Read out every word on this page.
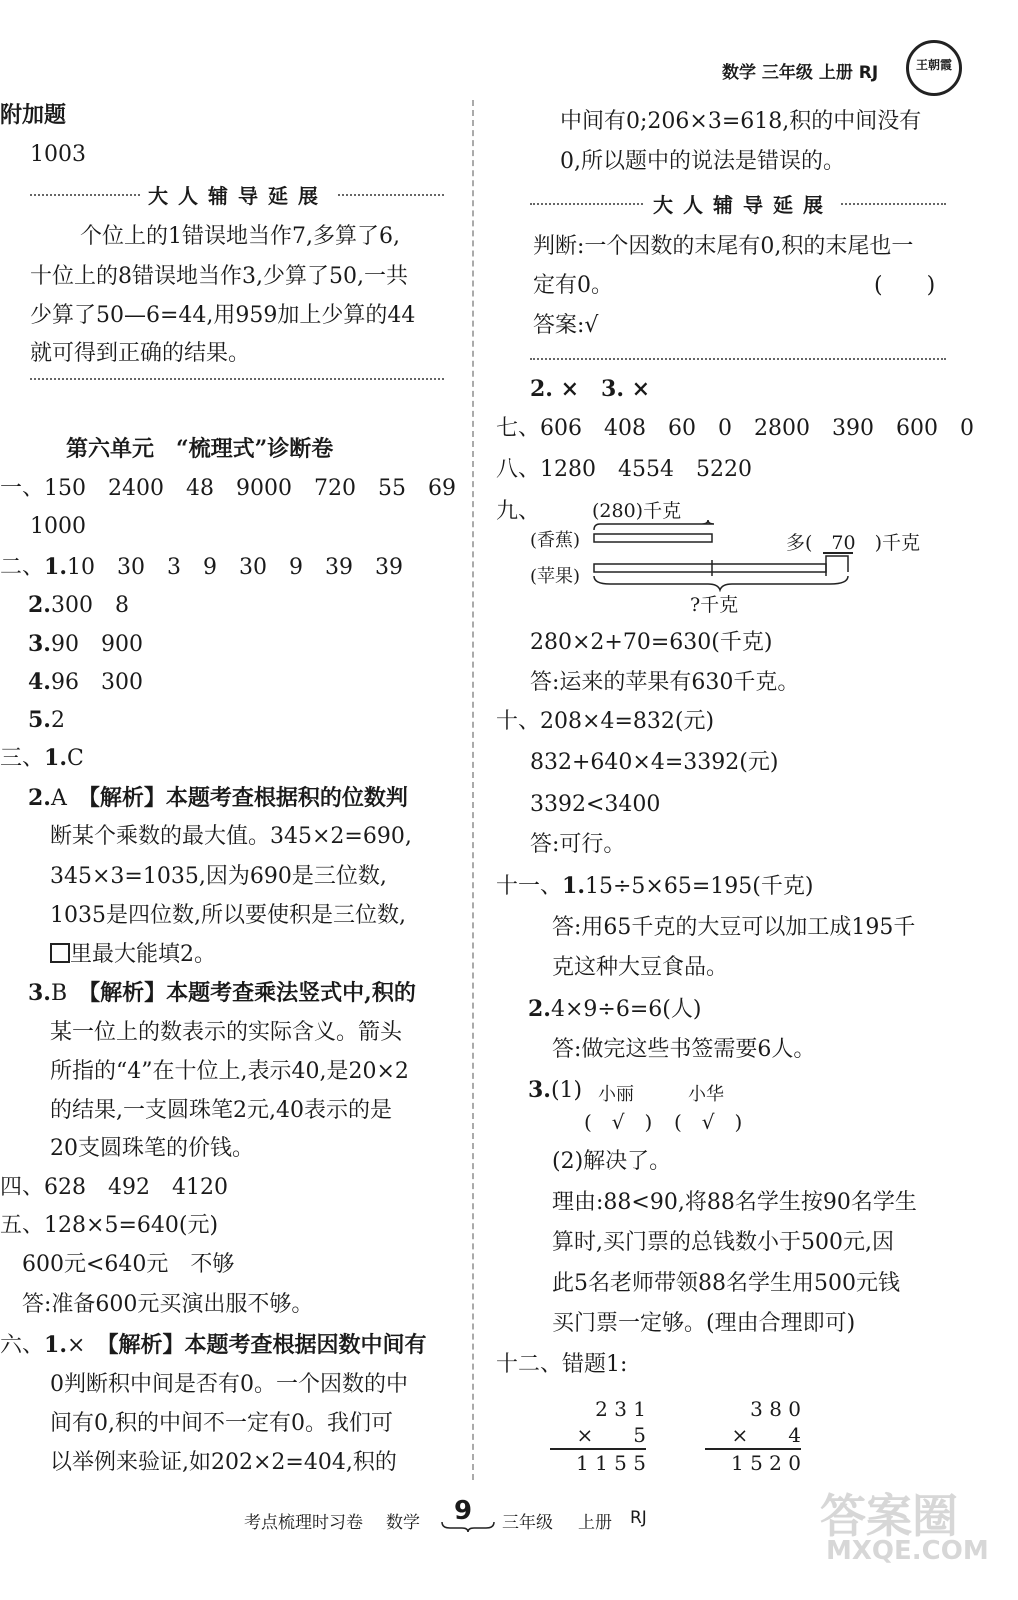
数学 三年级 上册 RJ	王朝霞
附加题
1003
大人辅导延展
个位上的1错误地当作7,多算了6,
十位上的8错误地当作3,少算了50,一共
少算了50—6=44,用959加上少算的44
就可得到正确的结果。
第六单元　“梳理式”诊断卷
一、150　2400　48　9000　720　55　69
1000
二、1.10　30　3　9　30　9　39　39
2.300　8
3.90　900
4.96　300
5.2
三、1.C
2.A　 【解析】本题考查根据积的位数判
断某个乘数的最大值。345×2=690,
345×3=1035,因为690是三位数,
1035是四位数,所以要使积是三位数,
里最大能填2。
3.B　 【解析】本题考查乘法竖式中,积的
某一位上的数表示的实际含义。箭头
所指的“4”在十位上,表示40,是20×2
的结果,一支圆珠笔2元,40表示的是
20支圆珠笔的价钱。
四、628　492　4120
五、128×5=640(元)
600元<640元　不够
答:准备600元买演出服不够。
六、1.×　 【解析】本题考查根据因数中间有
0判断积中间是否有0。一个因数的中
间有0,积的中间不一定有0。我们可
以举例来验证,如202×2=404,积的
中间有0;206×3=618,积的中间没有
0,所以题中的说法是错误的。
大人辅导延展
判断:一个因数的末尾有0,积的末尾也一
定有0。	(　　)
答案:√
2. ×　3. ×
七、606　408　60　0　2800　390　600　0
八、1280　4554　5220
九、	(280)千克
(香蕉)
(苹果)
多(　70　)千克
?千克
280×2+70=630(千克)
答:运来的苹果有630千克。
十、208×4=832(元)
832+640×4=3392(元)
3392<3400
答:可行。
十一、1.15÷5×65=195(千克)
答:用65千克的大豆可以加工成195千
克这种大豆食品。
2.4×9÷6=6(人)
答:做完这些书签需要6人。
3.(1) 小丽	小华
(　√　) (　√　)
(2)解决了。
理由:88<90,将88名学生按90名学生
算时,买门票的总钱数小于500元,因
此5名老师带领88名学生用500元钱
买门票一定够。(理由合理即可)
十二、错题1:
2 3 1
×　　5
1 1 5 5
3 8 0
×　　4
1 5 2 0
答案圈
MXQE.COM
考点梳理时习卷 数学 9 三年级 上册 RJ
